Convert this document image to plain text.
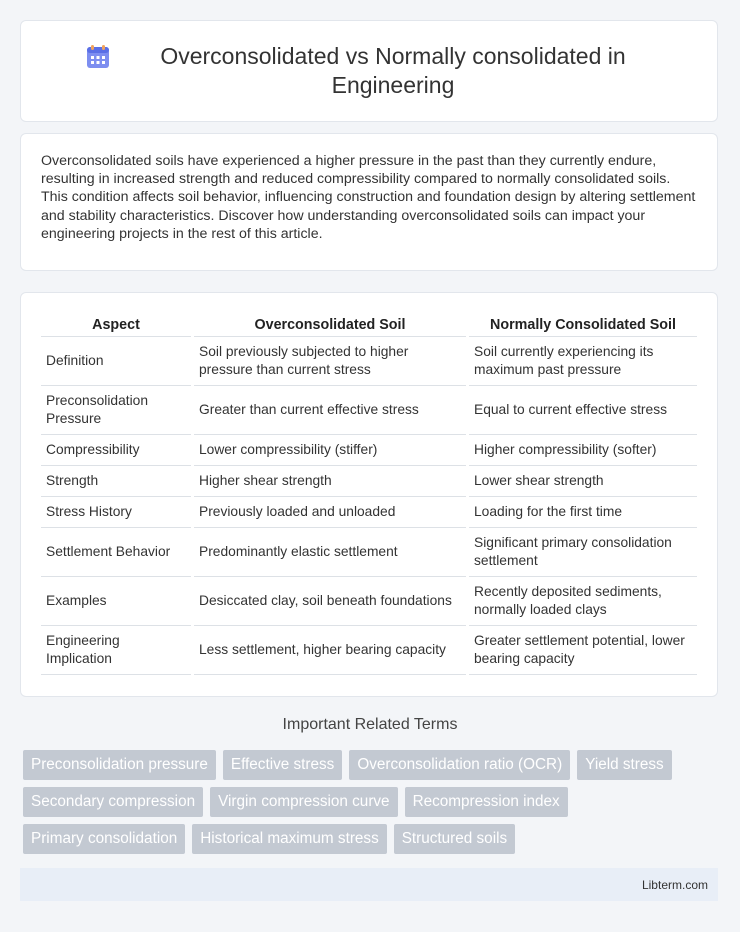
Overconsolidated vs Normally consolidated in Engineering

Overconsolidated soils have experienced a higher pressure in the past than they currently endure, resulting in increased strength and reduced compressibility compared to normally consolidated soils. This condition affects soil behavior, influencing construction and foundation design by altering settlement and stability characteristics. Discover how understanding overconsolidated soils can impact your engineering projects in the rest of this article.

Aspect	Overconsolidated Soil	Normally Consolidated Soil
Definition	Soil previously subjected to higher pressure than current stress	Soil currently experiencing its maximum past pressure
Preconsolidation Pressure	Greater than current effective stress	Equal to current effective stress
Compressibility	Lower compressibility (stiffer)	Higher compressibility (softer)
Strength	Higher shear strength	Lower shear strength
Stress History	Previously loaded and unloaded	Loading for the first time
Settlement Behavior	Predominantly elastic settlement	Significant primary consolidation settlement
Examples	Desiccated clay, soil beneath foundations	Recently deposited sediments, normally loaded clays
Engineering Implication	Less settlement, higher bearing capacity	Greater settlement potential, lower bearing capacity
Important Related Terms
Preconsolidation pressure	Effective stress	Overconsolidation ratio (OCR)	Yield stress
Secondary compression	Virgin compression curve	Recompression index
Primary consolidation	Historical maximum stress	Structured soils
Libterm.com
